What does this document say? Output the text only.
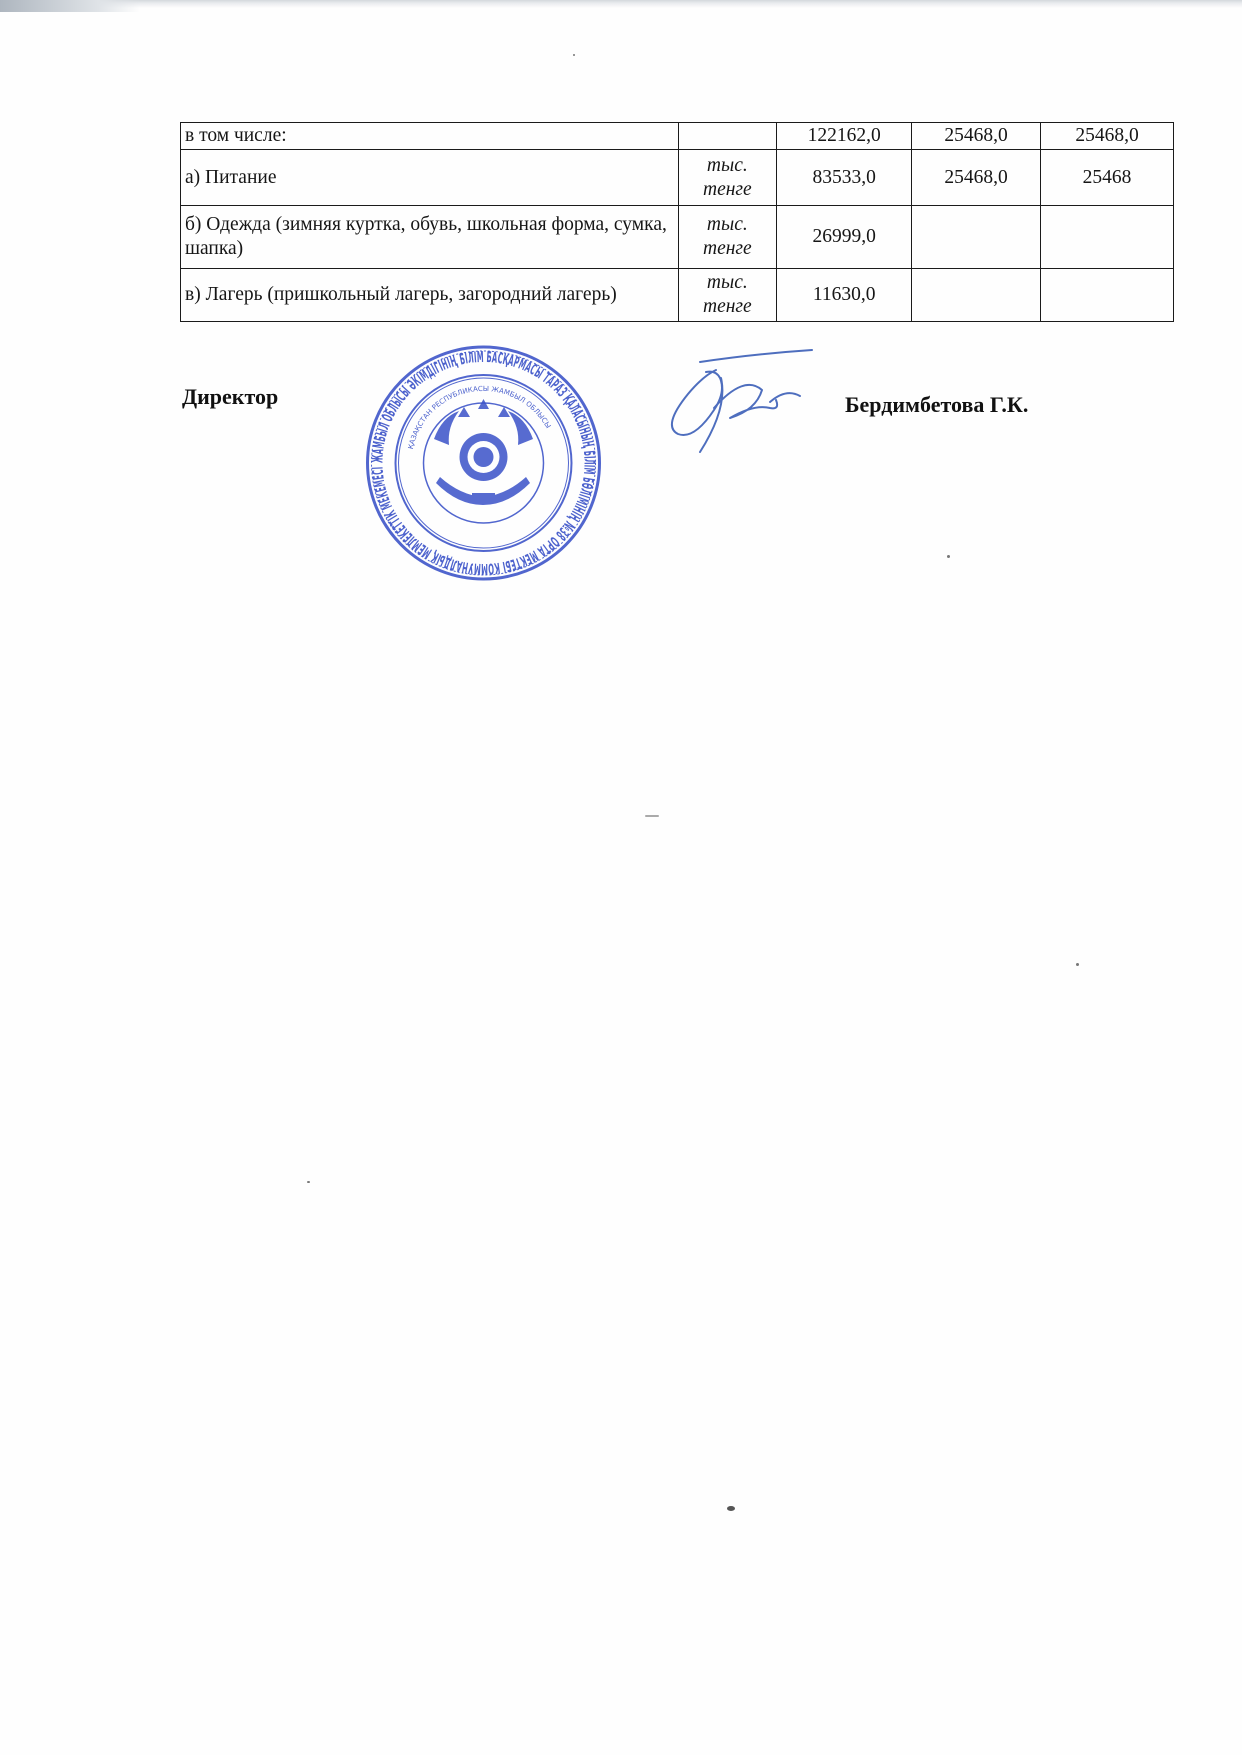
в том числе:		122162,0	25468,0	25468,0
а) Питание	тыс. тенге	83533,0	25468,0	25468
б) Одежда (зимняя куртка, обувь, школьная форма, сумка, шапка)	тыс. тенге	26999,0		
в) Лагерь (пришкольный лагерь, загородний лагерь)	тыс. тенге	11630,0		
Директор
ЖАМБЫЛ ОБЛЫСЫ ӘКІМДІГІНІҢ БІЛІМ БАСҚАРМАСЫ ТАРАЗ ҚАЛАСЫНЫҢ БІЛІМ БӨЛІМІНІҢ №38 ОРТА МЕКТЕБІ КОММУНАЛДЫҚ МЕМЛЕКЕТТІК МЕКЕМЕСІ
ҚАЗАҚСТАН РЕСПУБЛИКАСЫ ЖАМБЫЛ ОБЛЫСЫ
Бердимбетова Г.К.
